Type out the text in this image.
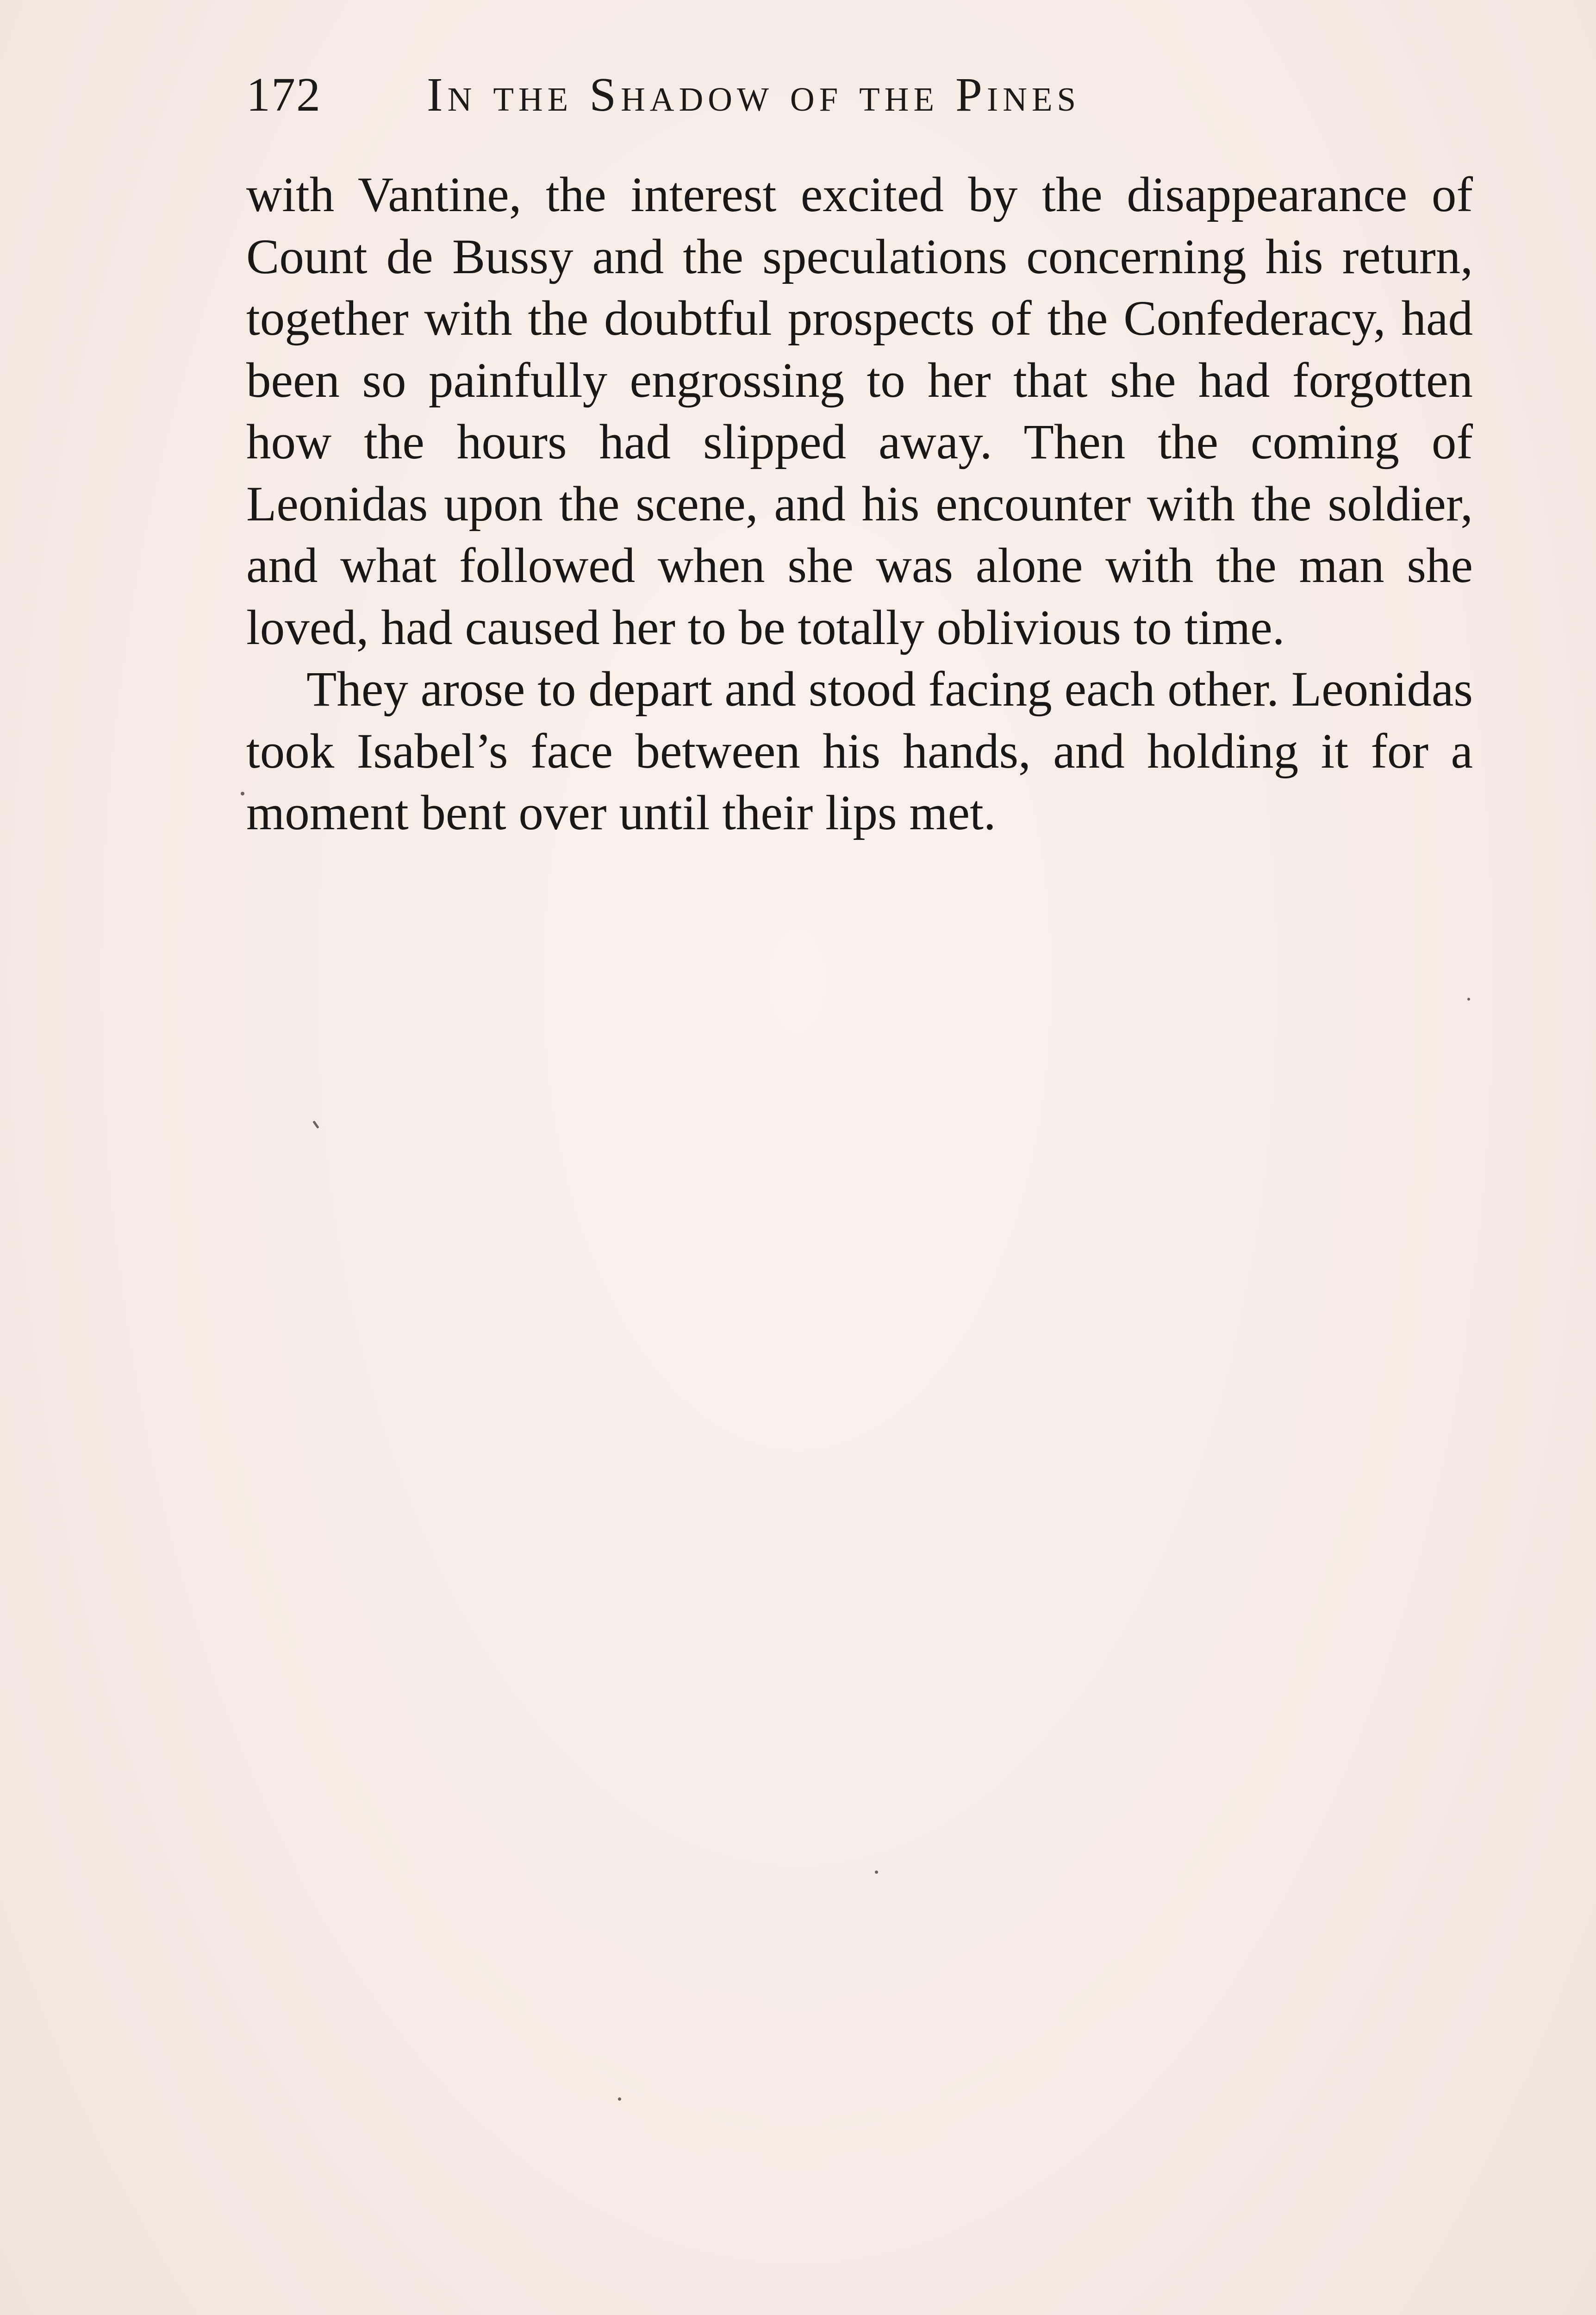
172	In the Shadow of the Pines

with Vantine, the interest excited by the disappearance of Count de Bussy and the speculations concerning his return, together with the doubtful prospects of the Confederacy, had been so painfully engrossing to her that she had forgotten how the hours had slipped away. Then the coming of Leonidas upon the scene, and his encounter with the soldier, and what followed when she was alone with the man she loved, had caused her to be totally oblivious to time.

They arose to depart and stood facing each other. Leonidas took Isabel’s face between his hands, and holding it for a moment bent over until their lips met.
